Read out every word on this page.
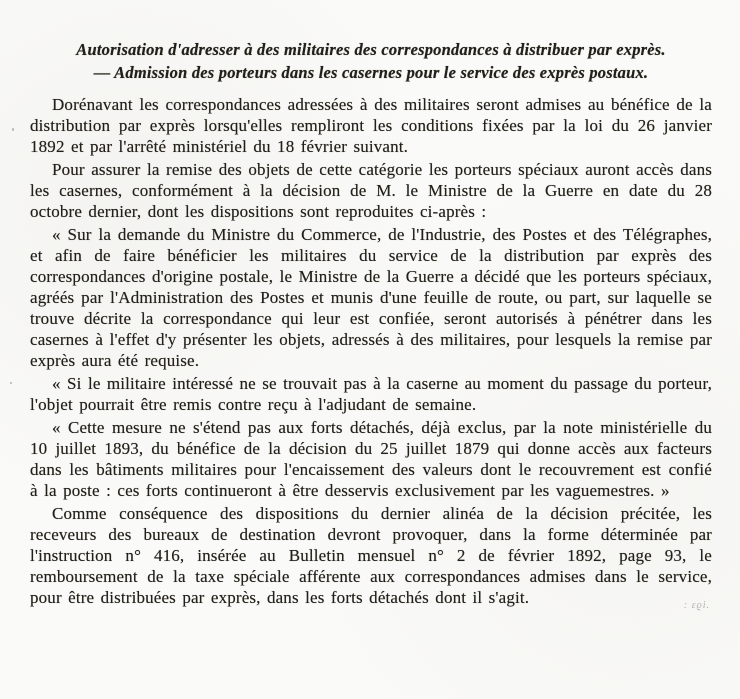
Autorisation d'adresser à des militaires des correspondances à distribuer par exprès.
— Admission des porteurs dans les casernes pour le service des exprès postaux.

Dorénavant les correspondances adressées à des militaires seront admises au bénéfice de la distribution par exprès lorsqu'elles rempliront les conditions fixées par la loi du 26 janvier 1892 et par l'arrêté ministériel du 18 février suivant.

Pour assurer la remise des objets de cette catégorie les porteurs spéciaux auront accès dans les casernes, conformément à la décision de M. le Ministre de la Guerre en date du 28 octobre dernier, dont les dispositions sont reproduites ci-après :

« Sur la demande du Ministre du Commerce, de l'Industrie, des Postes et des Télégraphes, et afin de faire bénéficier les militaires du service de la distribution par exprès des correspondances d'origine postale, le Ministre de la Guerre a décidé que les porteurs spéciaux, agréés par l'Administration des Postes et munis d'une feuille de route, ou part, sur laquelle se trouve décrite la correspondance qui leur est confiée, seront autorisés à pénétrer dans les casernes à l'effet d'y présenter les objets, adressés à des militaires, pour lesquels la remise par exprès aura été requise.

« Si le militaire intéressé ne se trouvait pas à la caserne au moment du passage du porteur, l'objet pourrait être remis contre reçu à l'adjudant de semaine.

« Cette mesure ne s'étend pas aux forts détachés, déjà exclus, par la note ministérielle du 10 juillet 1893, du bénéfice de la décision du 25 juillet 1879 qui donne accès aux facteurs dans les bâtiments militaires pour l'encaissement des valeurs dont le recouvrement est confié à la poste : ces forts continueront à être desservis exclusivement par les vaguemestres. »

Comme conséquence des dispositions du dernier alinéa de la décision précitée, les receveurs des bureaux de destination devront provoquer, dans la forme déterminée par l'instruction n° 416, insérée au Bulletin mensuel n° 2 de février 1892, page 93, le remboursement de la taxe spéciale afférente aux correspondances admises dans le service, pour être distribuées par exprès, dans les forts détachés dont il s'agit.	: ɛϱi.
